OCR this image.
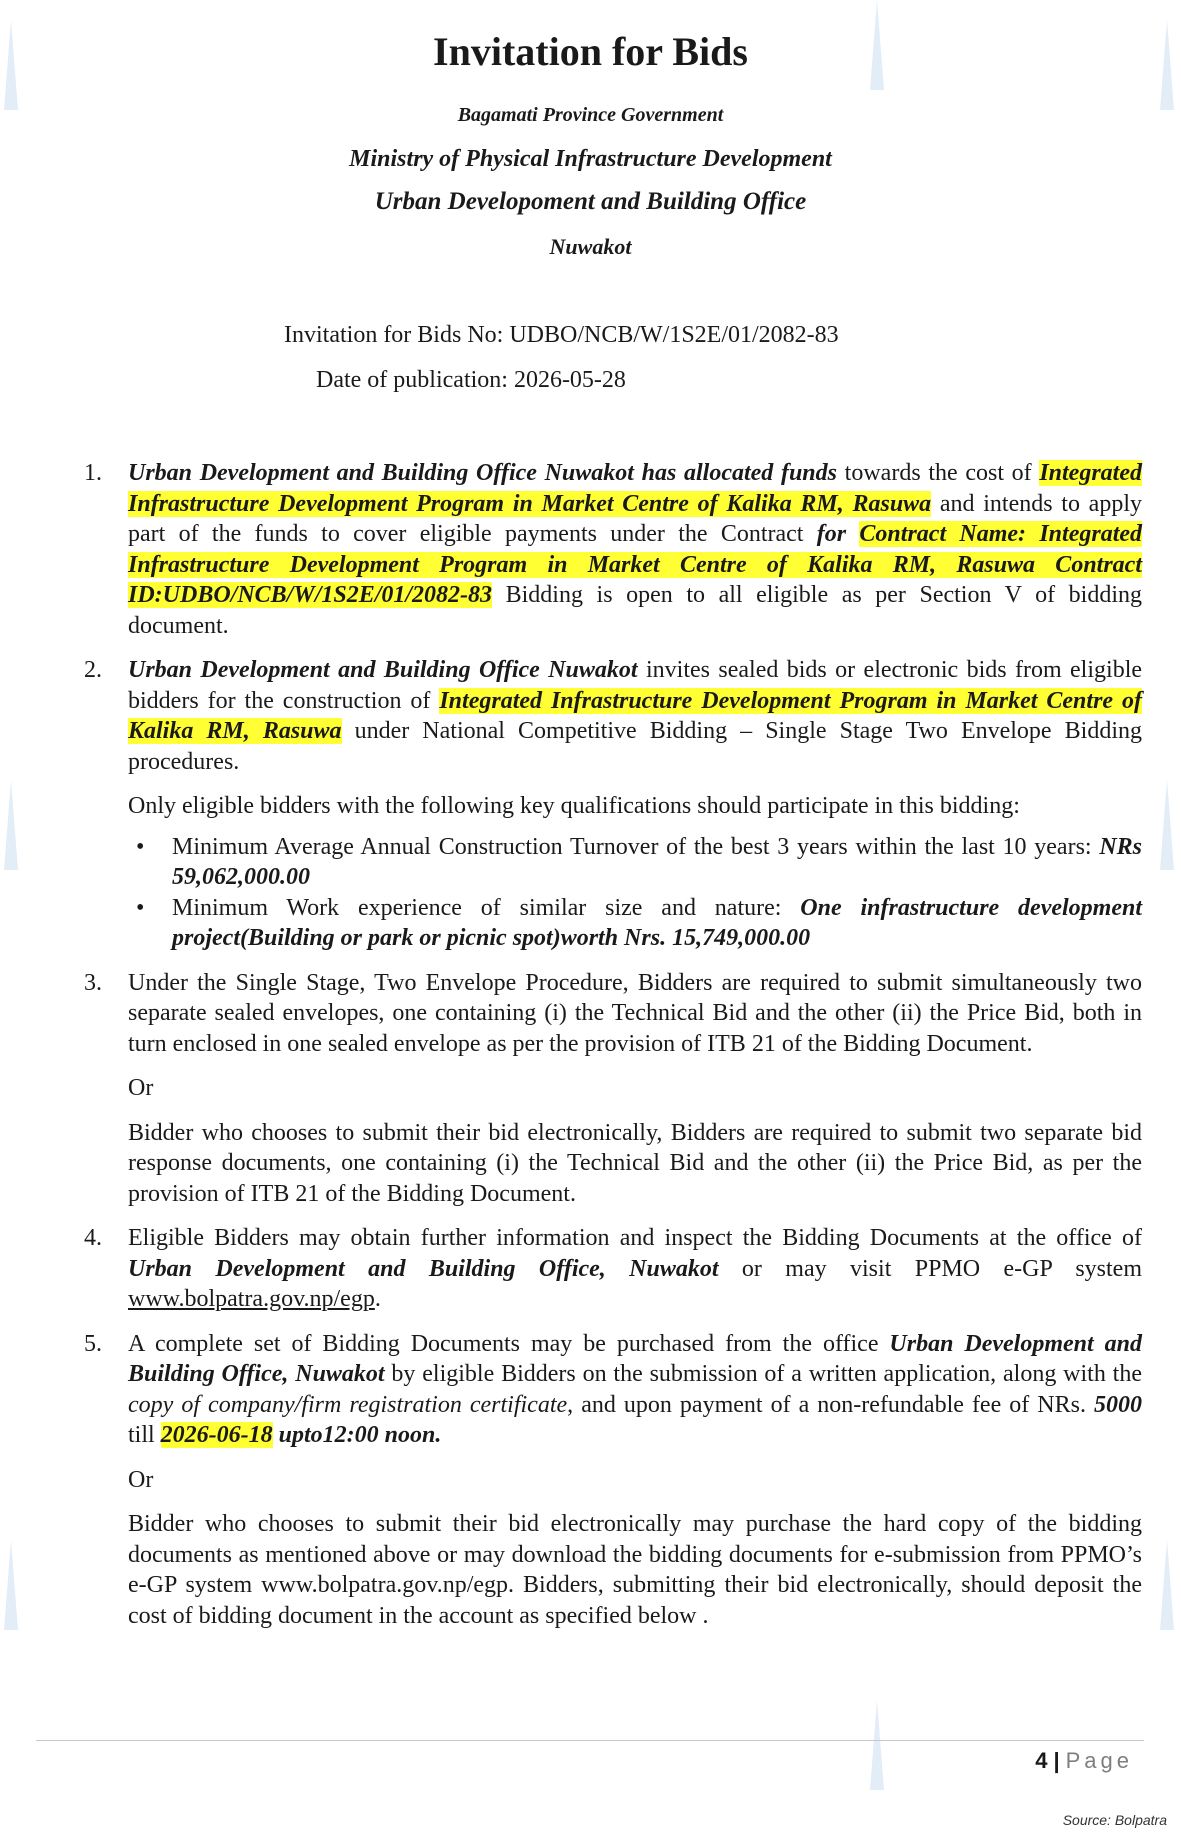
Invitation for Bids
Bagamati Province Government
Ministry of Physical Infrastructure Development
Urban Developoment and Building Office
Nuwakot
Invitation for Bids No: UDBO/NCB/W/1S2E/01/2082-83
Date of publication: 2026-05-28
1. Urban Development and Building Office Nuwakot has allocated funds towards the cost of Integrated Infrastructure Development Program in Market Centre of Kalika RM, Rasuwa and intends to apply part of the funds to cover eligible payments under the Contract for Contract Name: Integrated Infrastructure Development Program in Market Centre of Kalika RM, Rasuwa Contract ID:UDBO/NCB/W/1S2E/01/2082-83 Bidding is open to all eligible as per Section V of bidding document.

2. Urban Development and Building Office Nuwakot invites sealed bids or electronic bids from eligible bidders for the construction of Integrated Infrastructure Development Program in Market Centre of Kalika RM, Rasuwa under National Competitive Bidding – Single Stage Two Envelope Bidding procedures.

Only eligible bidders with the following key qualifications should participate in this bidding:

• Minimum Average Annual Construction Turnover of the best 3 years within the last 10 years: NRs 59,062,000.00
• Minimum Work experience of similar size and nature: One infrastructure development project(Building or park or picnic spot)worth Nrs. 15,749,000.00
3. Under the Single Stage, Two Envelope Procedure, Bidders are required to submit simultaneously two separate sealed envelopes, one containing (i) the Technical Bid and the other (ii) the Price Bid, both in turn enclosed in one sealed envelope as per the provision of ITB 21 of the Bidding Document.

Or

Bidder who chooses to submit their bid electronically, Bidders are required to submit two separate bid response documents, one containing (i) the Technical Bid and the other (ii) the Price Bid, as per the provision of ITB 21 of the Bidding Document.

4. Eligible Bidders may obtain further information and inspect the Bidding Documents at the office of Urban Development and Building Office, Nuwakot or may visit PPMO e-GP system www.bolpatra.gov.np/egp.

5. A complete set of Bidding Documents may be purchased from the office Urban Development and Building Office, Nuwakot by eligible Bidders on the submission of a written application, along with the copy of company/firm registration certificate, and upon payment of a non-refundable fee of NRs. 5000 till 2026-06-18 upto12:00 noon.

Or

Bidder who chooses to submit their bid electronically may purchase the hard copy of the bidding documents as mentioned above or may download the bidding documents for e-submission from PPMO’s e-GP system www.bolpatra.gov.np/egp. Bidders, submitting their bid electronically, should deposit the cost of bidding document in the account as specified below .

4 | Page
Source: Bolpatra
